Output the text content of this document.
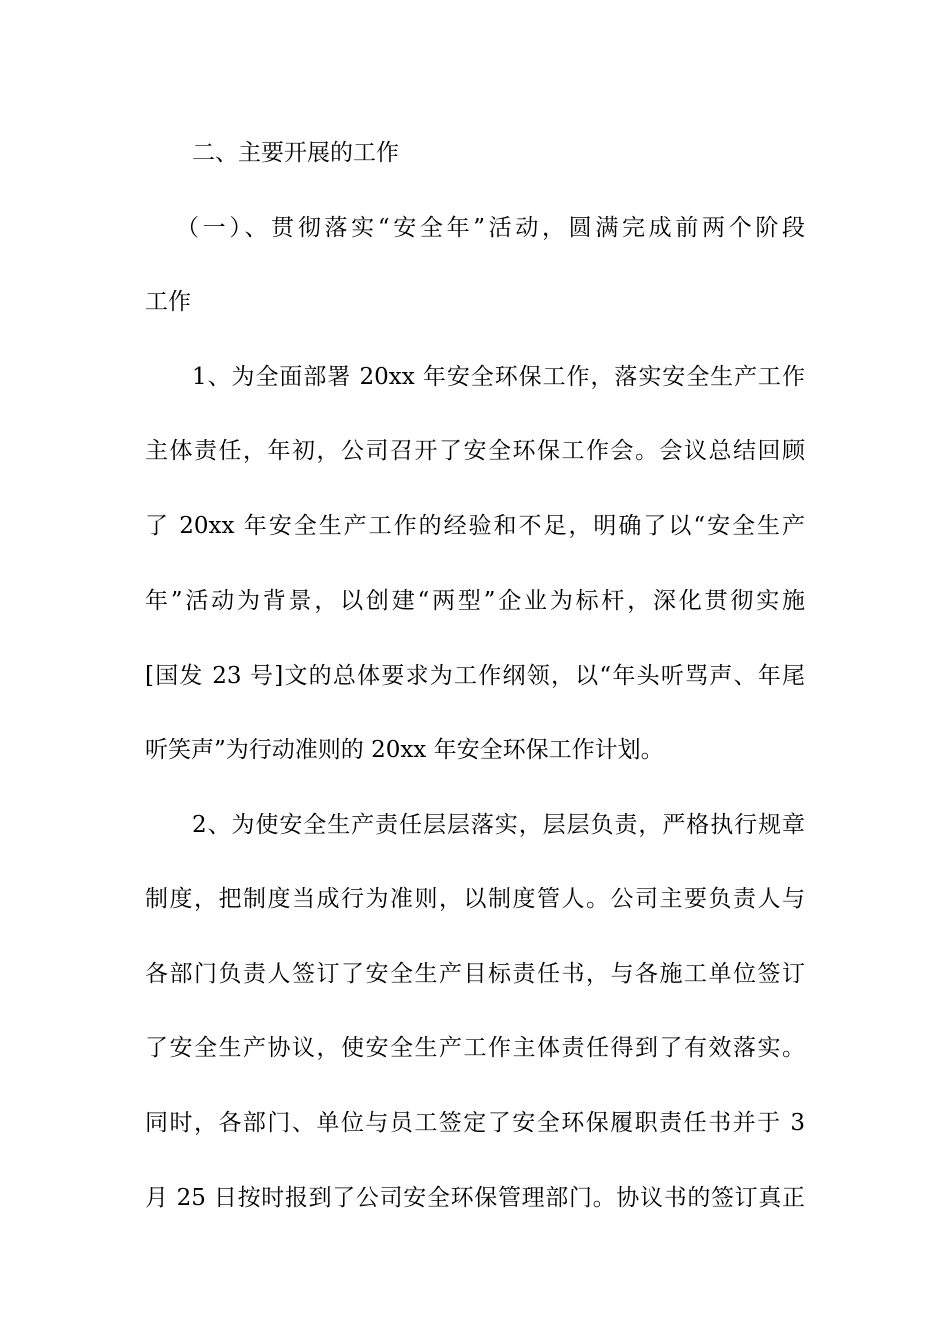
二、主要开展的工作
（一）、贯彻落实“安全年”活动，圆满完成前两个阶段
工作
1、为全面部署 20xx 年安全环保工作，落实安全生产工作
主体责任，年初，公司召开了安全环保工作会。会议总结回顾
了 20xx 年安全生产工作的经验和不足，明确了以“安全生产
年”活动为背景，以创建“两型”企业为标杆，深化贯彻实施
[国发 23 号]文的总体要求为工作纲领，以“年头听骂声、年尾
听笑声”为行动准则的 20xx 年安全环保工作计划。
2、为使安全生产责任层层落实，层层负责，严格执行规章
制度，把制度当成行为准则，以制度管人。公司主要负责人与
各部门负责人签订了安全生产目标责任书，与各施工单位签订
了安全生产协议，使安全生产工作主体责任得到了有效落实。
同时，各部门、单位与员工签定了安全环保履职责任书并于 3
月 25 日按时报到了公司安全环保管理部门。协议书的签订真正
